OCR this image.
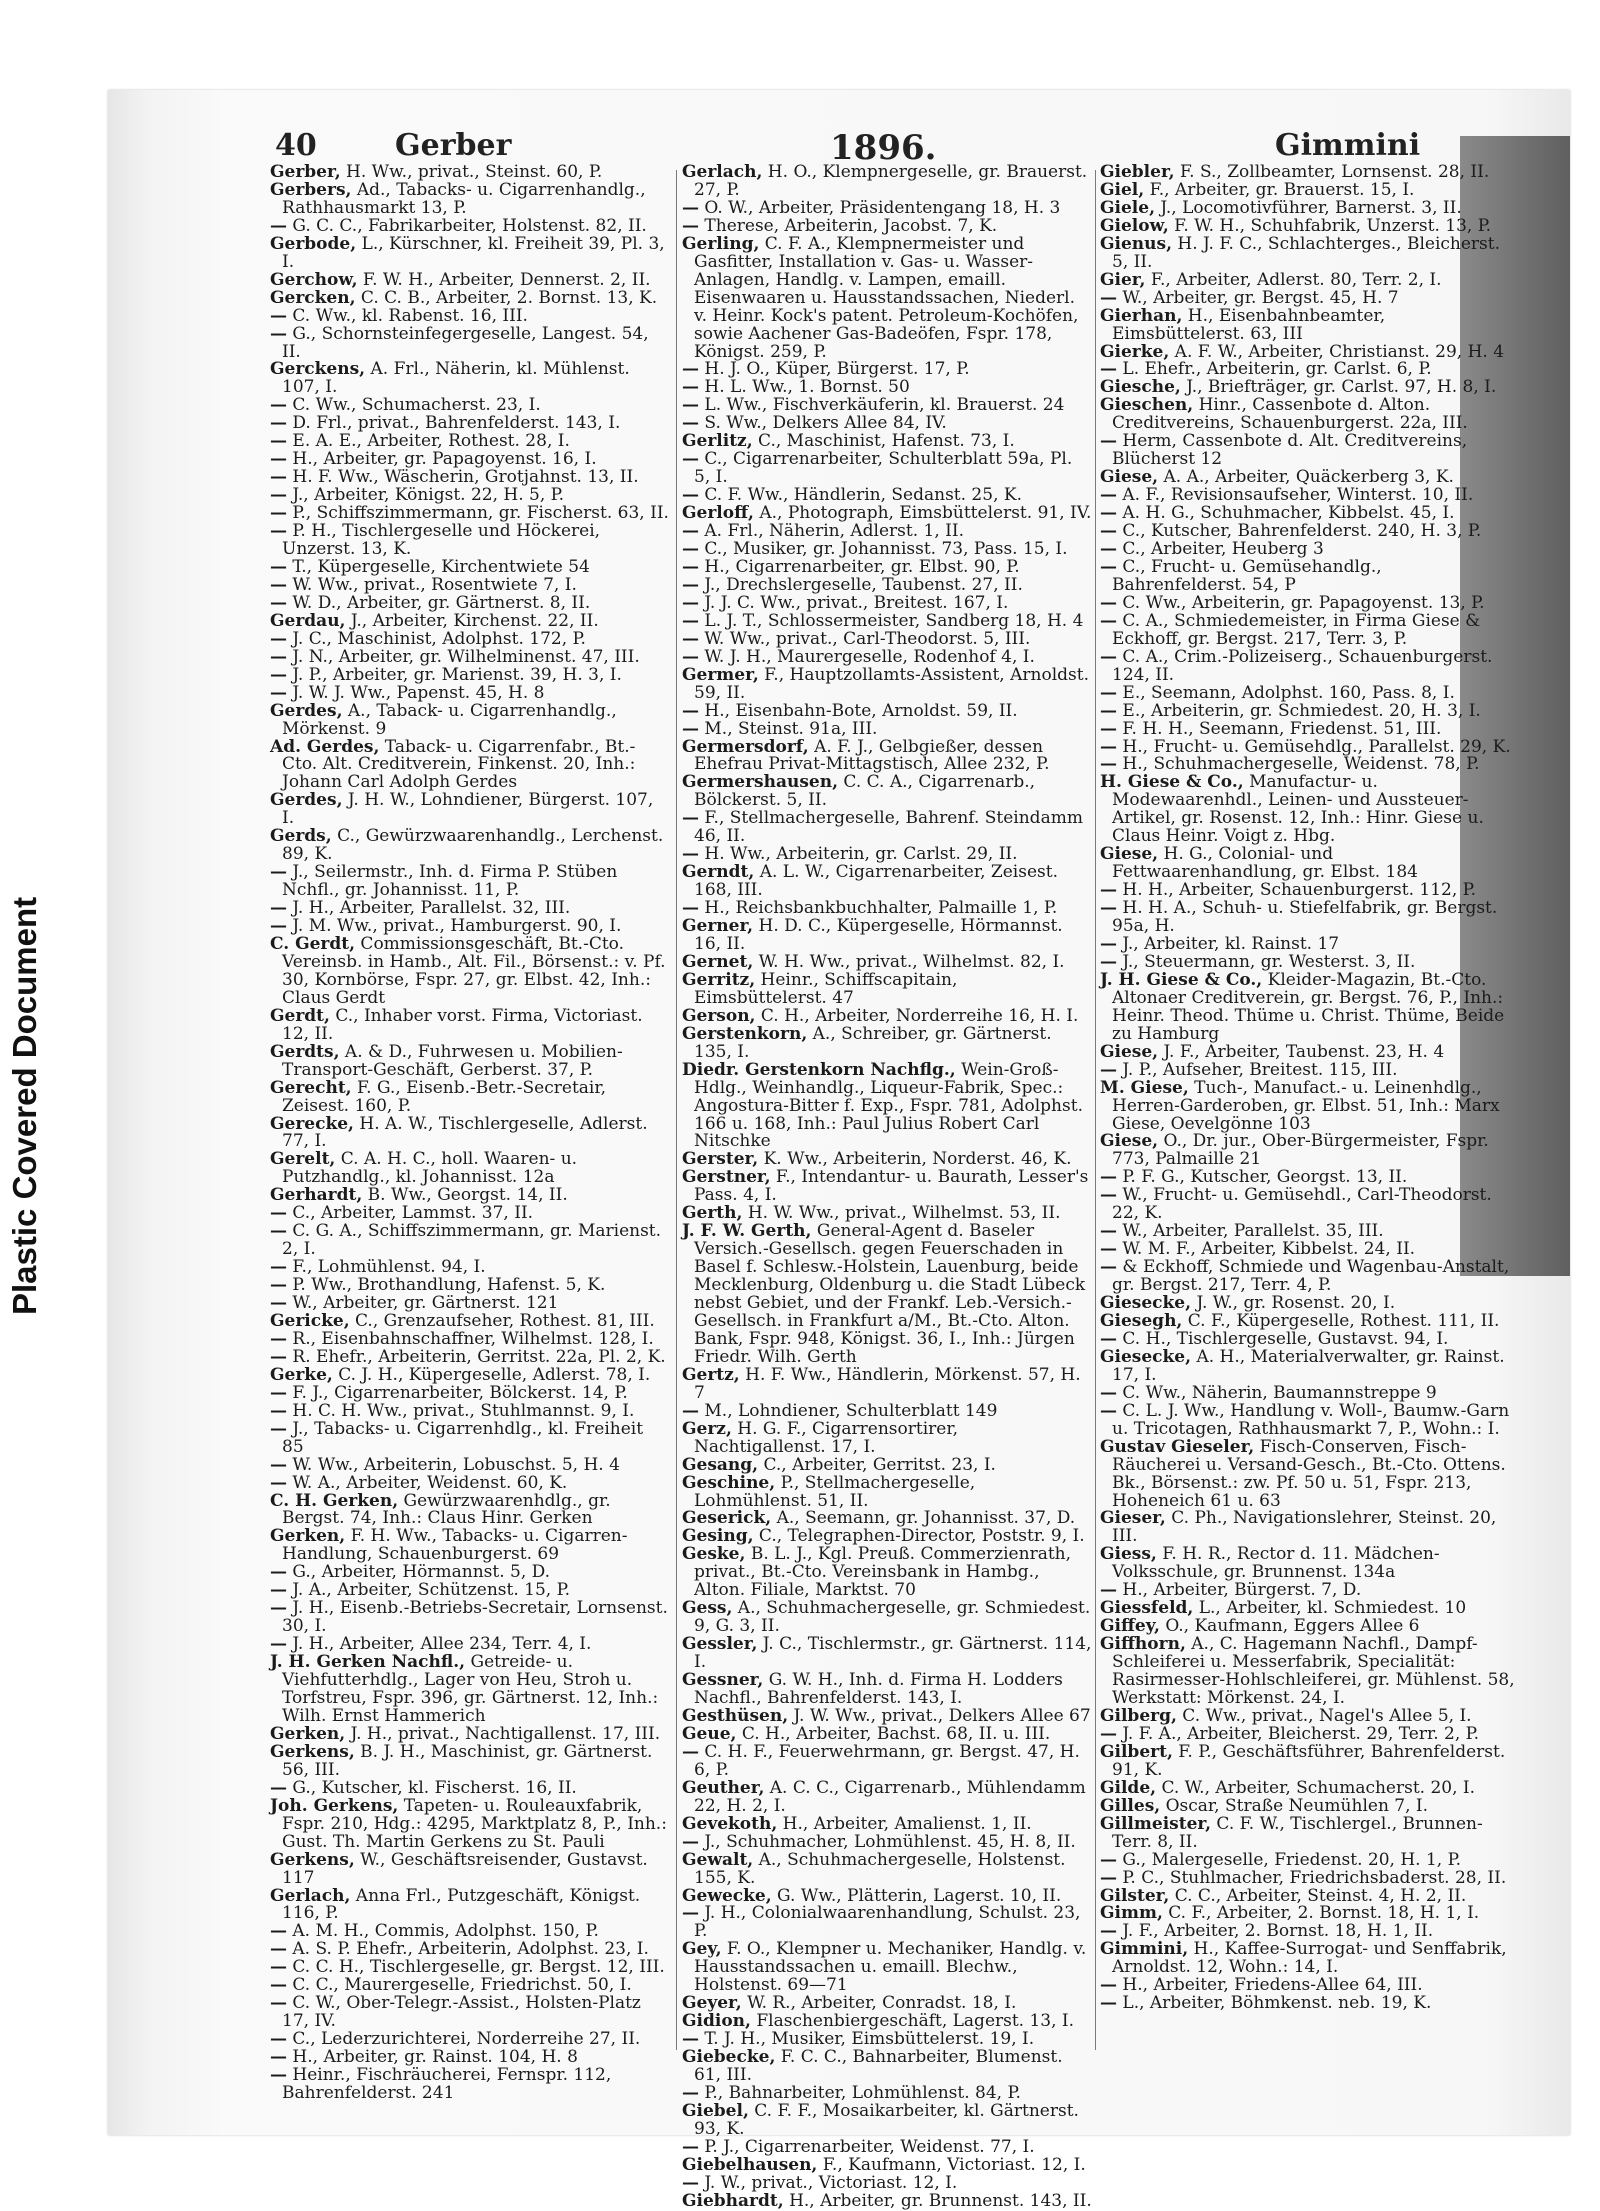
Plastic Covered Document
40	Gerber	1896.	Gimmini

Gerber, H. Ww., privat., Steinst. 60, P.

Gerbers, Ad., Tabacks- u. Cigarrenhandlg., Rathhausmarkt 13, P.

— G. C. C., Fabrikarbeiter, Holstenst. 82, II.

Gerbode, L., Kürschner, kl. Freiheit 39, Pl. 3, I.

Gerchow, F. W. H., Arbeiter, Dennerst. 2, II.

Gercken, C. C. B., Arbeiter, 2. Bornst. 13, K.

— C. Ww., kl. Rabenst. 16, III.

— G., Schornsteinfegergeselle, Langest. 54, II.

Gerckens, A. Frl., Näherin, kl. Mühlenst. 107, I.

— C. Ww., Schumacherst. 23, I.

— D. Frl., privat., Bahrenfelderst. 143, I.

— E. A. E., Arbeiter, Rothest. 28, I.

— H., Arbeiter, gr. Papagoyenst. 16, I.

— H. F. Ww., Wäscherin, Grotjahnst. 13, II.

— J., Arbeiter, Königst. 22, H. 5, P.

— P., Schiffszimmermann, gr. Fischerst. 63, II.

— P. H., Tischlergeselle und Höckerei, Unzerst. 13, K.

— T., Küpergeselle, Kirchentwiete 54

— W. Ww., privat., Rosentwiete 7, I.

— W. D., Arbeiter, gr. Gärtnerst. 8, II.

Gerdau, J., Arbeiter, Kirchenst. 22, II.

— J. C., Maschinist, Adolphst. 172, P.

— J. N., Arbeiter, gr. Wilhelminenst. 47, III.

— J. P., Arbeiter, gr. Marienst. 39, H. 3, I.

— J. W. J. Ww., Papenst. 45, H. 8

Gerdes, A., Taback- u. Cigarrenhandlg., Mörkenst. 9

Ad. Gerdes, Taback- u. Cigarrenfabr., Bt.-Cto. Alt. Creditverein, Finkenst. 20, Inh.: Johann Carl Adolph Gerdes

Gerdes, J. H. W., Lohndiener, Bürgerst. 107, I.

Gerds, C., Gewürzwaarenhandlg., Lerchenst. 89, K.

— J., Seilermstr., Inh. d. Firma P. Stüben Nchfl., gr. Johannisst. 11, P.

— J. H., Arbeiter, Parallelst. 32, III.

— J. M. Ww., privat., Hamburgerst. 90, I.

C. Gerdt, Commissionsgeschäft, Bt.-Cto. Vereinsb. in Hamb., Alt. Fil., Börsenst.: v. Pf. 30, Kornbörse, Fspr. 27, gr. Elbst. 42, Inh.: Claus Gerdt

Gerdt, C., Inhaber vorst. Firma, Victoriast. 12, II.

Gerdts, A. & D., Fuhrwesen u. Mobilien-Transport-Geschäft, Gerberst. 37, P.

Gerecht, F. G., Eisenb.-Betr.-Secretair, Zeisest. 160, P.

Gerecke, H. A. W., Tischlergeselle, Adlerst. 77, I.

Gerelt, C. A. H. C., holl. Waaren- u. Putzhandlg., kl. Johannisst. 12a

Gerhardt, B. Ww., Georgst. 14, II.

— C., Arbeiter, Lammst. 37, II.

— C. G. A., Schiffszimmermann, gr. Marienst. 2, I.

— F., Lohmühlenst. 94, I.

— P. Ww., Brothandlung, Hafenst. 5, K.

— W., Arbeiter, gr. Gärtnerst. 121

Gericke, C., Grenzaufseher, Rothest. 81, III.

— R., Eisenbahnschaffner, Wilhelmst. 128, I.

— R. Ehefr., Arbeiterin, Gerritst. 22a, Pl. 2, K.

Gerke, C. J. H., Küpergeselle, Adlerst. 78, I.

— F. J., Cigarrenarbeiter, Bölckerst. 14, P.

— H. C. H. Ww., privat., Stuhlmannst. 9, I.

— J., Tabacks- u. Cigarrenhdlg., kl. Freiheit 85

— W. Ww., Arbeiterin, Lobuschst. 5, H. 4

— W. A., Arbeiter, Weidenst. 60, K.

C. H. Gerken, Gewürzwaarenhdlg., gr. Bergst. 74, Inh.: Claus Hinr. Gerken

Gerken, F. H. Ww., Tabacks- u. Cigarren-Handlung, Schauenburgerst. 69

— G., Arbeiter, Hörmannst. 5, D.

— J. A., Arbeiter, Schützenst. 15, P.

— J. H., Eisenb.-Betriebs-Secretair, Lornsenst. 30, I.

— J. H., Arbeiter, Allee 234, Terr. 4, I.

J. H. Gerken Nachfl., Getreide- u. Viehfutterhdlg., Lager von Heu, Stroh u. Torfstreu, Fspr. 396, gr. Gärtnerst. 12, Inh.: Wilh. Ernst Hammerich

Gerken, J. H., privat., Nachtigallenst. 17, III.

Gerkens, B. J. H., Maschinist, gr. Gärtnerst. 56, III.

— G., Kutscher, kl. Fischerst. 16, II.

Joh. Gerkens, Tapeten- u. Rouleauxfabrik, Fspr. 210, Hdg.: 4295, Marktplatz 8, P., Inh.: Gust. Th. Martin Gerkens zu St. Pauli

Gerkens, W., Geschäftsreisender, Gustavst. 117

Gerlach, Anna Frl., Putzgeschäft, Königst. 116, P.

— A. M. H., Commis, Adolphst. 150, P.

— A. S. P. Ehefr., Arbeiterin, Adolphst. 23, I.

— C. C. H., Tischlergeselle, gr. Bergst. 12, III.

— C. C., Maurergeselle, Friedrichst. 50, I.

— C. W., Ober-Telegr.-Assist., Holsten-Platz 17, IV.

— C., Lederzurichterei, Norderreihe 27, II.

— H., Arbeiter, gr. Rainst. 104, H. 8

— Heinr., Fischräucherei, Fernspr. 112, Bahrenfelderst. 241

Gerlach, H. O., Klempnergeselle, gr. Brauerst. 27, P.

— O. W., Arbeiter, Präsidentengang 18, H. 3

— Therese, Arbeiterin, Jacobst. 7, K.

Gerling, C. F. A., Klempnermeister und Gasfitter, Installation v. Gas- u. Wasser-Anlagen, Handlg. v. Lampen, emaill. Eisenwaaren u. Hausstandssachen, Niederl. v. Heinr. Kock's patent. Petroleum-Kochöfen, sowie Aachener Gas-Badeöfen, Fspr. 178, Königst. 259, P.

— H. J. O., Küper, Bürgerst. 17, P.

— H. L. Ww., 1. Bornst. 50

— L. Ww., Fischverkäuferin, kl. Brauerst. 24

— S. Ww., Delkers Allee 84, IV.

Gerlitz, C., Maschinist, Hafenst. 73, I.

— C., Cigarrenarbeiter, Schulterblatt 59a, Pl. 5, I.

— C. F. Ww., Händlerin, Sedanst. 25, K.

Gerloff, A., Photograph, Eimsbüttelerst. 91, IV.

— A. Frl., Näherin, Adlerst. 1, II.

— C., Musiker, gr. Johannisst. 73, Pass. 15, I.

— H., Cigarrenarbeiter, gr. Elbst. 90, P.

— J., Drechslergeselle, Taubenst. 27, II.

— J. J. C. Ww., privat., Breitest. 167, I.

— L. J. T., Schlossermeister, Sandberg 18, H. 4

— W. Ww., privat., Carl-Theodorst. 5, III.

— W. J. H., Maurergeselle, Rodenhof 4, I.

Germer, F., Hauptzollamts-Assistent, Arnoldst. 59, II.

— H., Eisenbahn-Bote, Arnoldst. 59, II.

— M., Steinst. 91a, III.

Germersdorf, A. F. J., Gelbgießer, dessen Ehefrau Privat-Mittagstisch, Allee 232, P.

Germershausen, C. C. A., Cigarrenarb., Bölckerst. 5, II.

— F., Stellmachergeselle, Bahrenf. Steindamm 46, II.

— H. Ww., Arbeiterin, gr. Carlst. 29, II.

Gerndt, A. L. W., Cigarrenarbeiter, Zeisest. 168, III.

— H., Reichsbankbuchhalter, Palmaille 1, P.

Gerner, H. D. C., Küpergeselle, Hörmannst. 16, II.

Gernet, W. H. Ww., privat., Wilhelmst. 82, I.

Gerritz, Heinr., Schiffscapitain, Eimsbüttelerst. 47

Gerson, C. H., Arbeiter, Norderreihe 16, H. I.

Gerstenkorn, A., Schreiber, gr. Gärtnerst. 135, I.

Diedr. Gerstenkorn Nachflg., Wein-Groß-Hdlg., Weinhandlg., Liqueur-Fabrik, Spec.: Angostura-Bitter f. Exp., Fspr. 781, Adolphst. 166 u. 168, Inh.: Paul Julius Robert Carl Nitschke

Gerster, K. Ww., Arbeiterin, Norderst. 46, K.

Gerstner, F., Intendantur- u. Baurath, Lesser's Pass. 4, I.

Gerth, H. W. Ww., privat., Wilhelmst. 53, II.

J. F. W. Gerth, General-Agent d. Baseler Versich.-Gesellsch. gegen Feuerschaden in Basel f. Schlesw.-Holstein, Lauenburg, beide Mecklenburg, Oldenburg u. die Stadt Lübeck nebst Gebiet, und der Frankf. Leb.-Versich.-Gesellsch. in Frankfurt a/M., Bt.-Cto. Alton. Bank, Fspr. 948, Königst. 36, I., Inh.: Jürgen Friedr. Wilh. Gerth

Gertz, H. F. Ww., Händlerin, Mörkenst. 57, H. 7

— M., Lohndiener, Schulterblatt 149

Gerz, H. G. F., Cigarrensortirer, Nachtigallenst. 17, I.

Gesang, C., Arbeiter, Gerritst. 23, I.

Geschine, P., Stellmachergeselle, Lohmühlenst. 51, II.

Geserick, A., Seemann, gr. Johannisst. 37, D.

Gesing, C., Telegraphen-Director, Poststr. 9, I.

Geske, B. L. J., Kgl. Preuß. Commerzienrath, privat., Bt.-Cto. Vereinsbank in Hambg., Alton. Filiale, Marktst. 70

Gess, A., Schuhmachergeselle, gr. Schmiedest. 9, G. 3, II.

Gessler, J. C., Tischlermstr., gr. Gärtnerst. 114, I.

Gessner, G. W. H., Inh. d. Firma H. Lodders Nachfl., Bahrenfelderst. 143, I.

Gesthüsen, J. W. Ww., privat., Delkers Allee 67

Geue, C. H., Arbeiter, Bachst. 68, II. u. III.

— C. H. F., Feuerwehrmann, gr. Bergst. 47, H. 6, P.

Geuther, A. C. C., Cigarrenarb., Mühlendamm 22, H. 2, I.

Gevekoth, H., Arbeiter, Amalienst. 1, II.

— J., Schuhmacher, Lohmühlenst. 45, H. 8, II.

Gewalt, A., Schuhmachergeselle, Holstenst. 155, K.

Gewecke, G. Ww., Plätterin, Lagerst. 10, II.

— J. H., Colonialwaarenhandlung, Schulst. 23, P.

Gey, F. O., Klempner u. Mechaniker, Handlg. v. Hausstandssachen u. emaill. Blechw., Holstenst. 69—71

Geyer, W. R., Arbeiter, Conradst. 18, I.

Gidion, Flaschenbiergeschäft, Lagerst. 13, I.

— T. J. H., Musiker, Eimsbüttelerst. 19, I.

Giebecke, F. C. C., Bahnarbeiter, Blumenst. 61, III.

— P., Bahnarbeiter, Lohmühlenst. 84, P.

Giebel, C. F. F., Mosaikarbeiter, kl. Gärtnerst. 93, K.

— P. J., Cigarrenarbeiter, Weidenst. 77, I.

Giebelhausen, F., Kaufmann, Victoriast. 12, I.

— J. W., privat., Victoriast. 12, I.

Giebhardt, H., Arbeiter, gr. Brunnenst. 143, II.

Giebler, F. S., Zollbeamter, Lornsenst. 28, II.

Giel, F., Arbeiter, gr. Brauerst. 15, I.

Giele, J., Locomotivführer, Barnerst. 3, II.

Gielow, F. W. H., Schuhfabrik, Unzerst. 13, P.

Gienus, H. J. F. C., Schlachterges., Bleicherst. 5, II.

Gier, F., Arbeiter, Adlerst. 80, Terr. 2, I.

— W., Arbeiter, gr. Bergst. 45, H. 7

Gierhan, H., Eisenbahnbeamter, Eimsbüttelerst. 63, III

Gierke, A. F. W., Arbeiter, Christianst. 29, H. 4

— L. Ehefr., Arbeiterin, gr. Carlst. 6, P.

Giesche, J., Briefträger, gr. Carlst. 97, H. 8, I.

Gieschen, Hinr., Cassenbote d. Alton. Creditvereins, Schauenburgerst. 22a, III.

— Herm, Cassenbote d. Alt. Creditvereins, Blücherst 12

Giese, A. A., Arbeiter, Quäckerberg 3, K.

— A. F., Revisionsaufseher, Winterst. 10, II.

— A. H. G., Schuhmacher, Kibbelst. 45, I.

— C., Kutscher, Bahrenfelderst. 240, H. 3, P.

— C., Arbeiter, Heuberg 3

— C., Frucht- u. Gemüsehandlg., Bahrenfelderst. 54, P

— C. Ww., Arbeiterin, gr. Papagoyenst. 13, P.

— C. A., Schmiedemeister, in Firma Giese & Eckhoff, gr. Bergst. 217, Terr. 3, P.

— C. A., Crim.-Polizeiserg., Schauenburgerst. 124, II.

— E., Seemann, Adolphst. 160, Pass. 8, I.

— E., Arbeiterin, gr. Schmiedest. 20, H. 3, I.

— F. H. H., Seemann, Friedenst. 51, III.

— H., Frucht- u. Gemüsehdlg., Parallelst. 29, K.

— H., Schuhmachergeselle, Weidenst. 78, P.

H. Giese & Co., Manufactur- u. Modewaarenhdl., Leinen- und Aussteuer-Artikel, gr. Rosenst. 12, Inh.: Hinr. Giese u. Claus Heinr. Voigt z. Hbg.

Giese, H. G., Colonial- und Fettwaarenhandlung, gr. Elbst. 184

— H. H., Arbeiter, Schauenburgerst. 112, P.

— H. H. A., Schuh- u. Stiefelfabrik, gr. Bergst. 95a, H.

— J., Arbeiter, kl. Rainst. 17

— J., Steuermann, gr. Westerst. 3, II.

J. H. Giese & Co., Kleider-Magazin, Bt.-Cto. Altonaer Creditverein, gr. Bergst. 76, P., Inh.: Heinr. Theod. Thüme u. Christ. Thüme, Beide zu Hamburg

Giese, J. F., Arbeiter, Taubenst. 23, H. 4

— J. P., Aufseher, Breitest. 115, III.

M. Giese, Tuch-, Manufact.- u. Leinenhdlg., Herren-Garderoben, gr. Elbst. 51, Inh.: Marx Giese, Oevelgönne 103

Giese, O., Dr. jur., Ober-Bürgermeister, Fspr. 773, Palmaille 21

— P. F. G., Kutscher, Georgst. 13, II.

— W., Frucht- u. Gemüsehdl., Carl-Theodorst. 22, K.

— W., Arbeiter, Parallelst. 35, III.

— W. M. F., Arbeiter, Kibbelst. 24, II.

— & Eckhoff, Schmiede und Wagenbau-Anstalt, gr. Bergst. 217, Terr. 4, P.

Giesecke, J. W., gr. Rosenst. 20, I.

Giesegh, C. F., Küpergeselle, Rothest. 111, II.

— C. H., Tischlergeselle, Gustavst. 94, I.

Giesecke, A. H., Materialverwalter, gr. Rainst. 17, I.

— C. Ww., Näherin, Baumannstreppe 9

— C. L. J. Ww., Handlung v. Woll-, Baumw.-Garn u. Tricotagen, Rathhausmarkt 7, P., Wohn.: I.

Gustav Gieseler, Fisch-Conserven, Fisch-Räucherei u. Versand-Gesch., Bt.-Cto. Ottens. Bk., Börsenst.: zw. Pf. 50 u. 51, Fspr. 213, Hoheneich 61 u. 63

Gieser, C. Ph., Navigationslehrer, Steinst. 20, III.

Giess, F. H. R., Rector d. 11. Mädchen-Volksschule, gr. Brunnenst. 134a

— H., Arbeiter, Bürgerst. 7, D.

Giessfeld, L., Arbeiter, kl. Schmiedest. 10

Giffey, O., Kaufmann, Eggers Allee 6

Giffhorn, A., C. Hagemann Nachfl., Dampf-Schleiferei u. Messerfabrik, Specialität: Rasirmesser-Hohlschleiferei, gr. Mühlenst. 58, Werkstatt: Mörkenst. 24, I.

Gilberg, C. Ww., privat., Nagel's Allee 5, I.

— J. F. A., Arbeiter, Bleicherst. 29, Terr. 2, P.

Gilbert, F. P., Geschäftsführer, Bahrenfelderst. 91, K.

Gilde, C. W., Arbeiter, Schumacherst. 20, I.

Gilles, Oscar, Straße Neumühlen 7, I.

Gillmeister, C. F. W., Tischlergel., Brunnen-Terr. 8, II.

— G., Malergeselle, Friedenst. 20, H. 1, P.

— P. C., Stuhlmacher, Friedrichsbaderst. 28, II.

Gilster, C. C., Arbeiter, Steinst. 4, H. 2, II.

Gimm, C. F., Arbeiter, 2. Bornst. 18, H. 1, I.

— J. F., Arbeiter, 2. Bornst. 18, H. 1, II.

Gimmini, H., Kaffee-Surrogat- und Senffabrik, Arnoldst. 12, Wohn.: 14, I.

— H., Arbeiter, Friedens-Allee 64, III.

— L., Arbeiter, Böhmkenst. neb. 19, K.
